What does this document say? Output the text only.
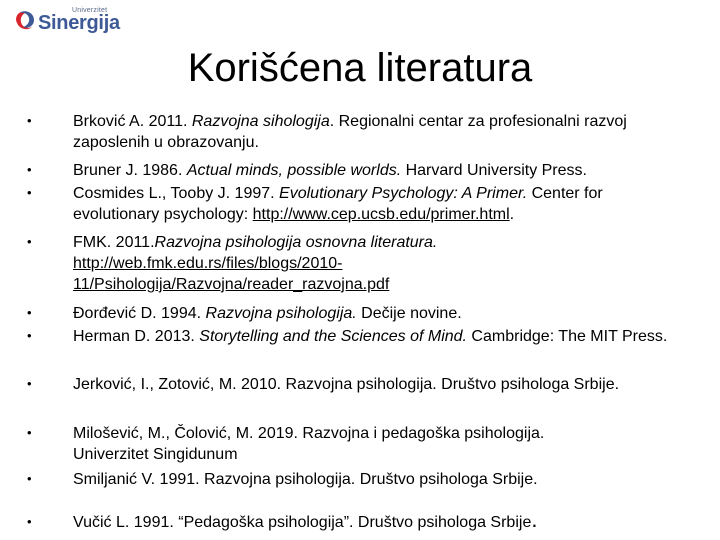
Univerzitet
Sinergija
Korišćena literatura
•	Brković A. 2011. Razvojna sihologija. Regionalni centar za profesionalni razvoj zaposlenih u obrazovanju.
•	Bruner J. 1986. Actual minds, possible worlds. Harvard University Press.
•	Cosmides L., Tooby J. 1997. Evolutionary Psychology: A Primer. Center for evolutionary psychology: http://www.cep.ucsb.edu/primer.html.
•	FMK. 2011.Razvojna psihologija osnovna literatura. http://web.fmk.edu.rs/files/blogs/2010-11/Psihologija/Razvojna/reader_razvojna.pdf
•	Đorđević D. 1994. Razvojna psihologija. Dečije novine.
•	Herman D. 2013. Storytelling and the Sciences of Mind. Cambridge: The MIT Press.
•	Jerković, I., Zotović, M. 2010. Razvojna psihologija. Društvo psihologa Srbije.
•	Milošević, M., Čolović, M. 2019. Razvojna i pedagoška psihologija. Univerzitet Singidunum
•	Smiljanić V. 1991. Razvojna psihologija. Društvo psihologa Srbije.
•	Vučić L. 1991. “Pedagoška psihologija”. Društvo psihologa Srbije.
